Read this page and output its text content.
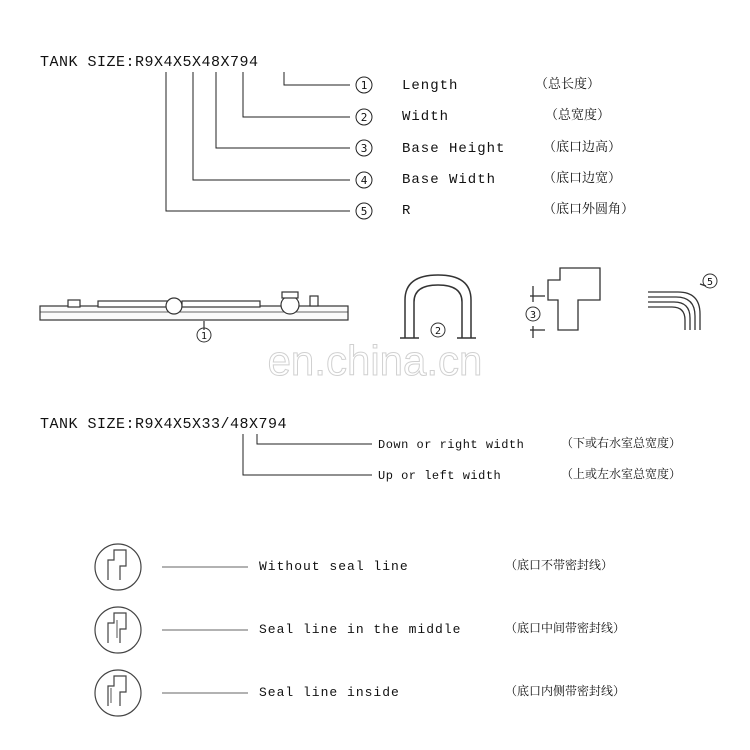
TANK SIZE:R9X4X5X48X794
1 Length	（总长度）
2 Width	（总宽度）
3 Base Height	（底口边高）
4 Base Width	（底口边宽）
5 R	（底口外圆角）
1	2
3
5
en.china.cn
TANK SIZE:R9X4X5X33/48X794
Down or right width	（下或右水室总宽度）
Up or left width	（上或左水室总宽度）
Without seal line	（底口不带密封线）
Seal line in the middle	（底口中间带密封线）
Seal line inside	（底口内侧带密封线）
